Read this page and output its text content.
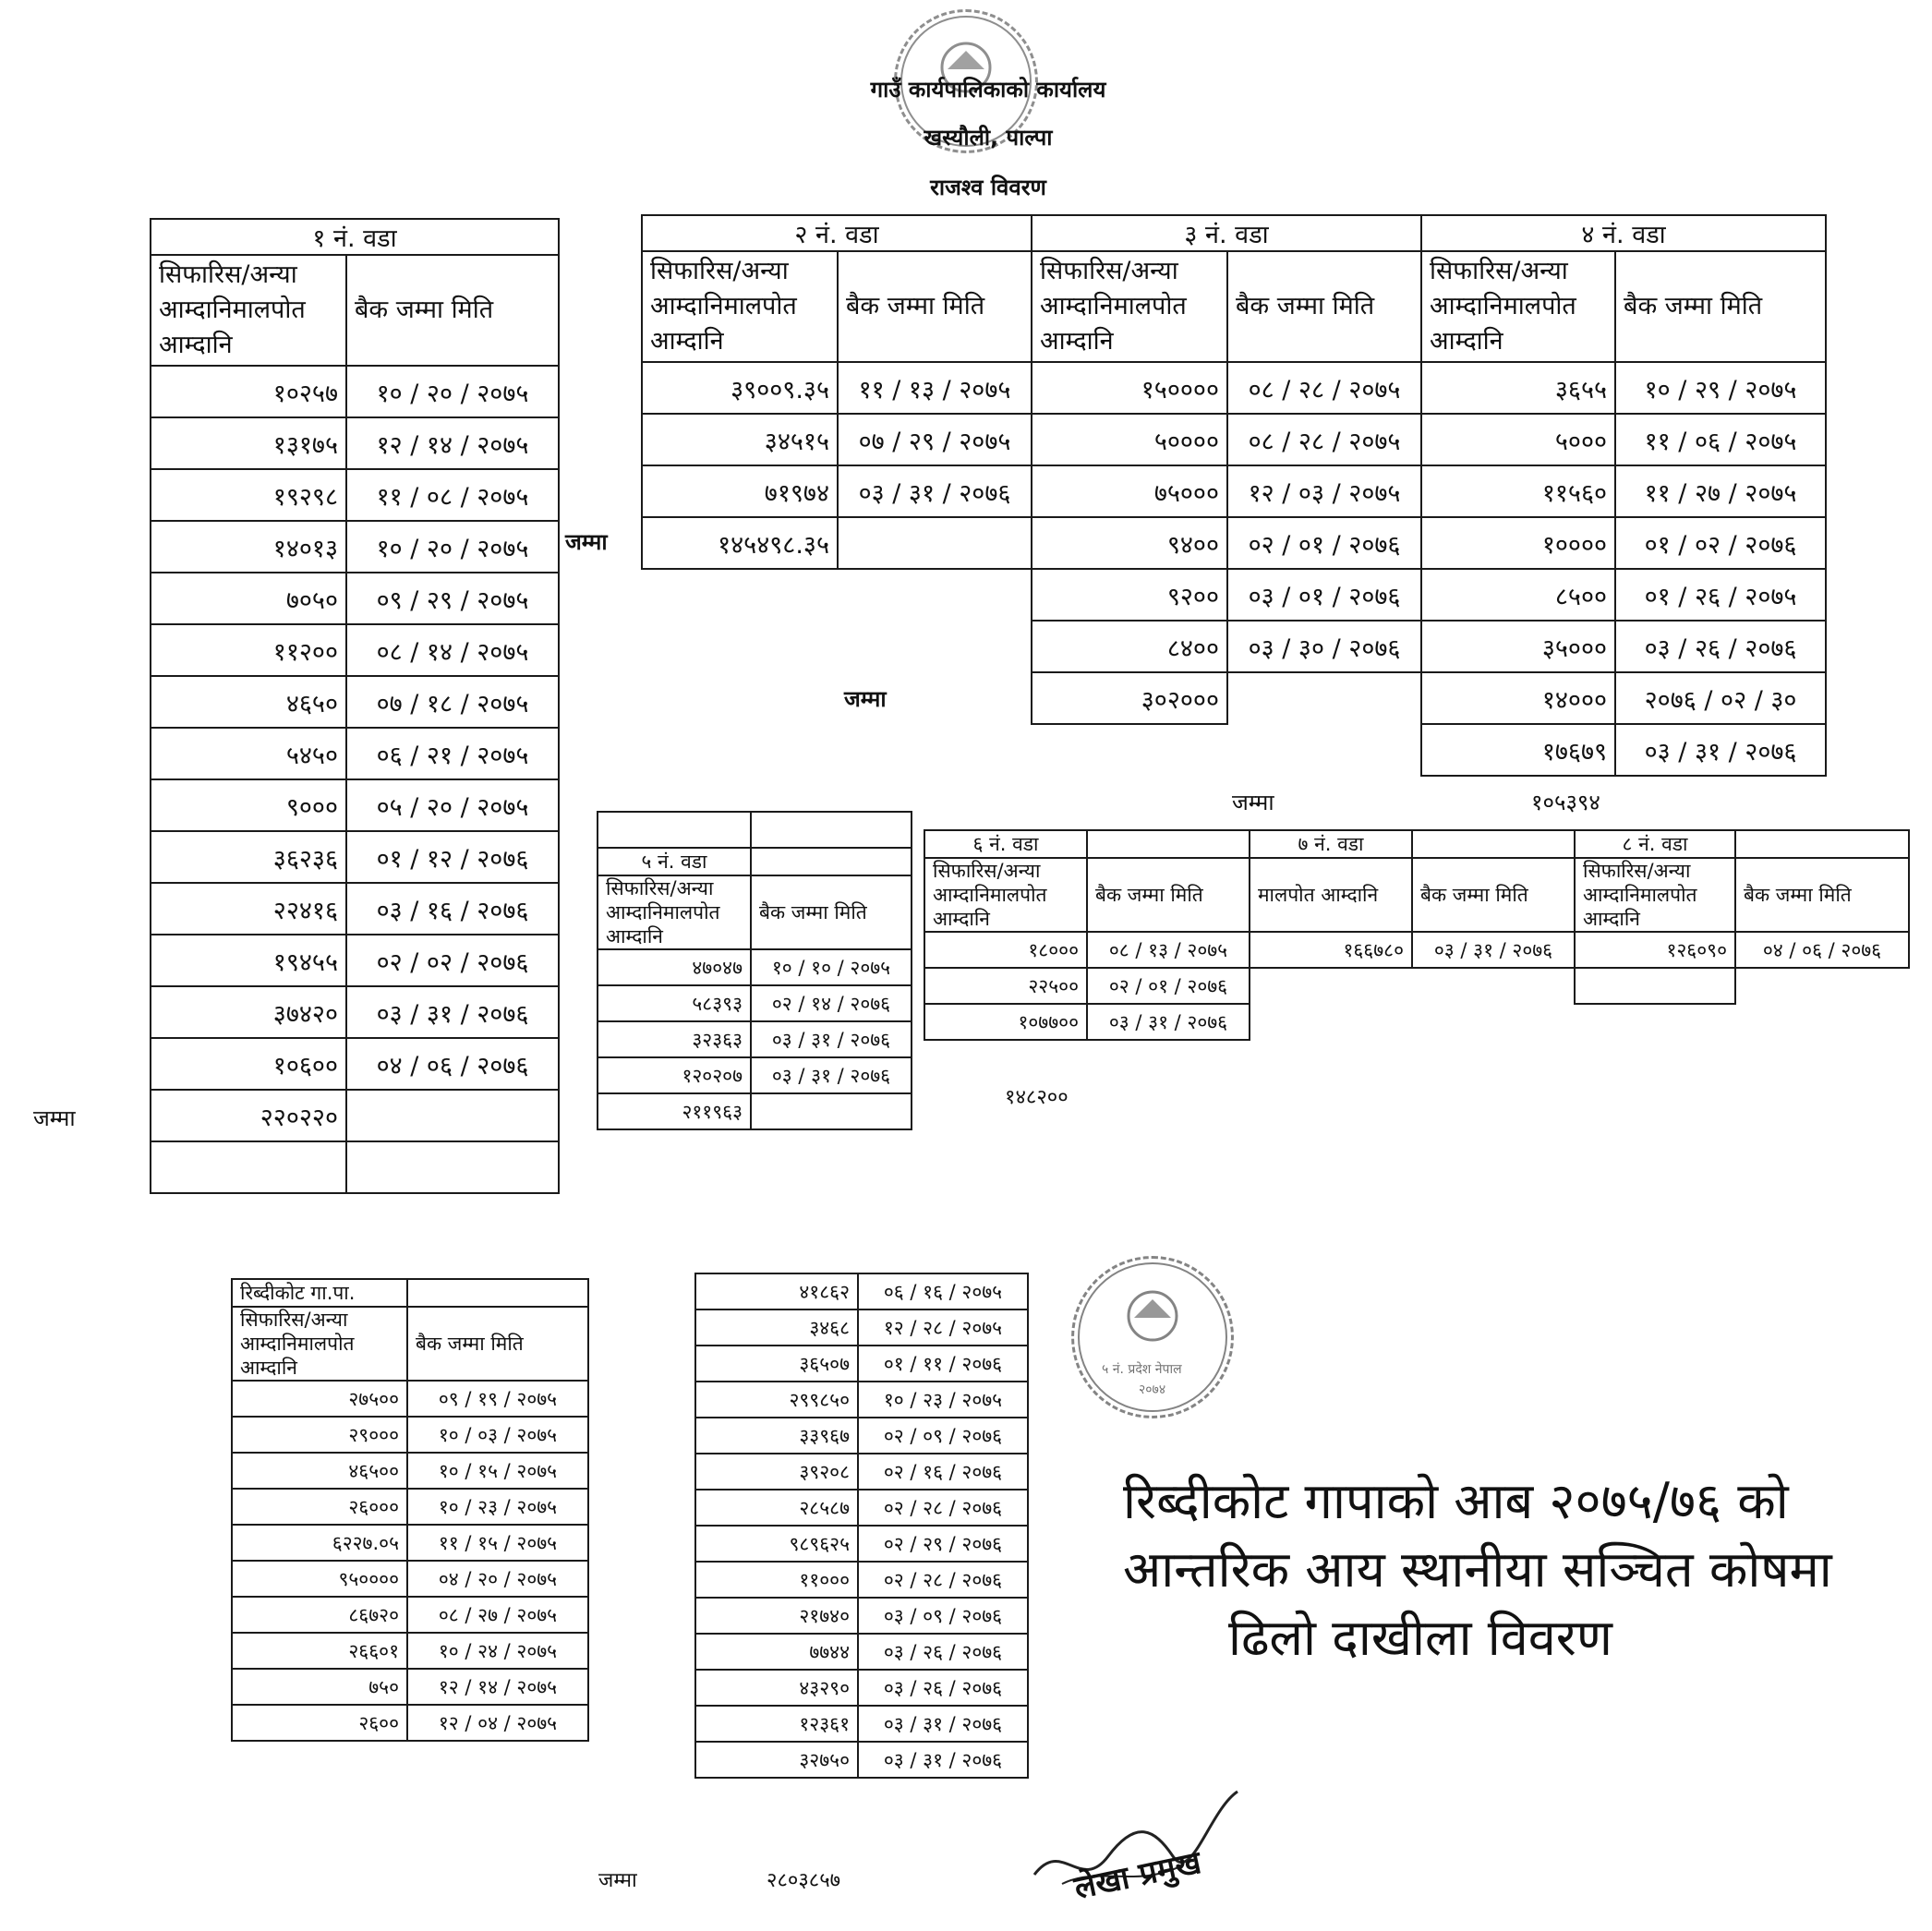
गाउँ कार्यपालिकाको कार्यालय
खस्यौली, पाल्पा
राजश्व विवरण
१ नं. वडा	
सिफारिस/अन्या आम्दानिमालपोत आम्दानि	बैक जम्मा मिति
१०२५७	१० / २० / २०७५
१३१७५	१२ / १४ / २०७५
१९२९८	११ / ०८ / २०७५
१४०१३	१० / २० / २०७५
७०५०	०९ / २९ / २०७५
११२००	०८ / १४ / २०७५
४६५०	०७ / १८ / २०७५
५४५०	०६ / २१ / २०७५
९०००	०५ / २० / २०७५
३६२३६	०१ / १२ / २०७६
२२४१६	०३ / १६ / २०७६
१९४५५	०२ / ०२ / २०७६
३७४२०	०३ / ३१ / २०७६
१०६००	०४ / ०६ / २०७६
२२०२२०	

जम्मा
२ नं. वडा		३ नं. वडा		४ नं. वडा	
सिफारिस/अन्या आम्दानिमालपोत आम्दानि	बैक जम्मा मिति	सिफारिस/अन्या आम्दानिमालपोत आम्दानि	बैक जम्मा मिति	सिफारिस/अन्या आम्दानिमालपोत आम्दानि	बैक जम्मा मिति
३९००९.३५	११ / १३ / २०७५	१५००००	०८ / २८ / २०७५	३६५५	१० / २९ / २०७५
३४५१५	०७ / २९ / २०७५	५००००	०८ / २८ / २०७५	५०००	११ / ०६ / २०७५
७१९७४	०३ / ३१ / २०७६	७५०००	१२ / ०३ / २०७५	११५६०	११ / २७ / २०७५
१४५४९८.३५		९४००	०२ / ०१ / २०७६	१००००	०१ / ०२ / २०७६
		९२००	०३ / ०१ / २०७६	८५००	०१ / २६ / २०७५
		८४००	०३ / ३० / २०७६	३५०००	०३ / २६ / २०७६
		३०२०००		१४०००	२०७६ / ०२ / ३०
				१७६७९	०३ / ३१ / २०७६
जम्मा
जम्मा
जम्मा	१०५३९४

५ नं. वडा	
सिफारिस/अन्या आम्दानिमालपोत आम्दानि	बैक जम्मा मिति
४७०४७	१० / १० / २०७५
५८३९३	०२ / १४ / २०७६
३२३६३	०३ / ३१ / २०७६
१२०२०७	०३ / ३१ / २०७६
२११९६३	
६ नं. वडा		७ नं. वडा		८ नं. वडा	
सिफारिस/अन्या आम्दानिमालपोत आम्दानि	बैक जम्मा मिति	मालपोत आम्दानि	बैक जम्मा मिति	सिफारिस/अन्या आम्दानिमालपोत आम्दानि	बैक जम्मा मिति
१८०००	०८ / १३ / २०७५	१६६७८०	०३ / ३१ / २०७६	१२६०९०	०४ / ०६ / २०७६
२२५००	०२ / ०१ / २०७६				
१०७७००	०३ / ३१ / २०७६				
१४८२००
रिब्दीकोट गा.पा.	
सिफारिस/अन्या आम्दानिमालपोत आम्दानि	बैक जम्मा मिति
२७५००	०९ / १९ / २०७५
२९०००	१० / ०३ / २०७५
४६५००	१० / १५ / २०७५
२६०००	१० / २३ / २०७५
६२२७.०५	११ / १५ / २०७५
९५००००	०४ / २० / २०७५
८६७२०	०८ / २७ / २०७५
२६६०१	१० / २४ / २०७५
७५०	१२ / १४ / २०७५
२६००	१२ / ०४ / २०७५
४१८६२	०६ / १६ / २०७५
३४६८	१२ / २८ / २०७५
३६५०७	०१ / ११ / २०७६
२९९८५०	१० / २३ / २०७५
३३९६७	०२ / ०९ / २०७६
३९२०८	०२ / १६ / २०७६
२८५८७	०२ / २८ / २०७६
९८९६२५	०२ / २९ / २०७६
११०००	०२ / २८ / २०७६
२१७४०	०३ / ०९ / २०७६
७७४४	०३ / २६ / २०७६
४३२९०	०३ / २६ / २०७६
१२३६१	०३ / ३१ / २०७६
३२७५०	०३ / ३१ / २०७६
जम्मा	२८०३८५७
५ नं. प्रदेश नेपाल
२०७४
रिब्दीकोट गापाको आब २०७५/७६ को
आन्तरिक आय स्थानीया सञ्चित कोषमा
ढिलो दाखीला विवरण
लेखा प्रमुख
